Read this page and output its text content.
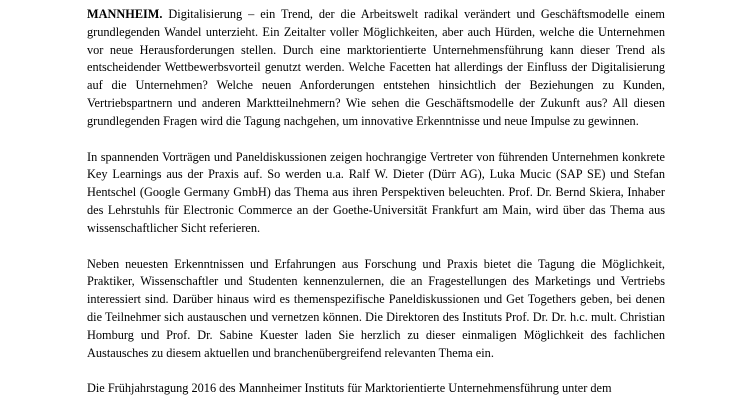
MANNHEIM. Digitalisierung – ein Trend, der die Arbeitswelt radikal verändert und Geschäftsmodelle einem grundlegenden Wandel unterzieht. Ein Zeitalter voller Möglichkeiten, aber auch Hürden, welche die Unternehmen vor neue Herausforderungen stellen. Durch eine marktorientierte Unternehmensführung kann dieser Trend als entscheidender Wettbewerbsvorteil genutzt werden. Welche Facetten hat allerdings der Einfluss der Digitalisierung auf die Unternehmen? Welche neuen Anforderungen entstehen hinsichtlich der Beziehungen zu Kunden, Vertriebspartnern und anderen Marktteilnehmern? Wie sehen die Geschäftsmodelle der Zukunft aus? All diesen grundlegenden Fragen wird die Tagung nachgehen, um innovative Erkenntnisse und neue Impulse zu gewinnen.

In spannenden Vorträgen und Paneldiskussionen zeigen hochrangige Vertreter von führenden Unternehmen konkrete Key Learnings aus der Praxis auf. So werden u.a. Ralf W. Dieter (Dürr AG), Luka Mucic (SAP SE) und Stefan Hentschel (Google Germany GmbH) das Thema aus ihren Perspektiven beleuchten. Prof. Dr. Bernd Skiera, Inhaber des Lehrstuhls für Electronic Commerce an der Goethe-Universität Frankfurt am Main, wird über das Thema aus wissenschaftlicher Sicht referieren.

Neben neuesten Erkenntnissen und Erfahrungen aus Forschung und Praxis bietet die Tagung die Möglichkeit, Praktiker, Wissenschaftler und Studenten kennenzulernen, die an Fragestellungen des Marketings und Vertriebs interessiert sind. Darüber hinaus wird es themenspezifische Paneldiskussionen und Get Togethers geben, bei denen die Teilnehmer sich austauschen und vernetzen können. Die Direktoren des Instituts Prof. Dr. Dr. h.c. mult. Christian Homburg und Prof. Dr. Sabine Kuester laden Sie herzlich zu dieser einmaligen Möglichkeit des fachlichen Austausches zu diesem aktuellen und branchenübergreifend relevanten Thema ein.

Die Frühjahrstagung 2016 des Mannheimer Instituts für Marktorientierte Unternehmensführung unter dem
